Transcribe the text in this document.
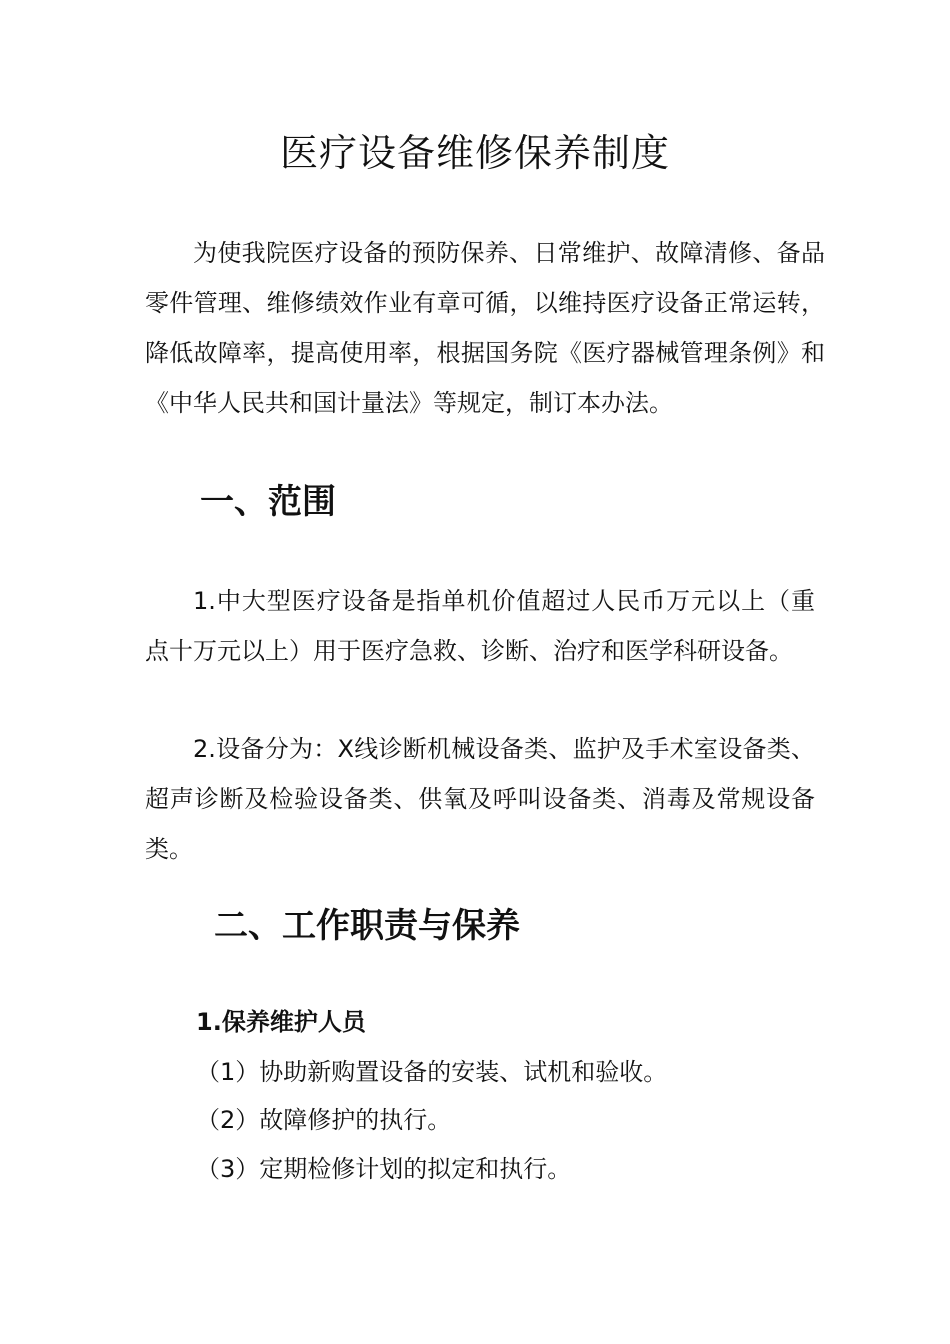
医疗设备维修保养制度

为使我院医疗设备的预防保养、日常维护、故障清修、备品零件管理、维修绩效作业有章可循，以维持医疗设备正常运转，降低故障率，提高使用率，根据国务院《医疗器械管理条例》和《中华人民共和国计量法》等规定，制订本办法。

一、范围

1.中大型医疗设备是指单机价值超过人民币万元以上（重点十万元以上）用于医疗急救、诊断、治疗和医学科研设备。

2.设备分为：X线诊断机械设备类、监护及手术室设备类、超声诊断及检验设备类、供氧及呼叫设备类、消毒及常规设备类。

二、工作职责与保养
1.保养维护人员

（1）协助新购置设备的安装、试机和验收。

（2）故障修护的执行。

（3）定期检修计划的拟定和执行。
